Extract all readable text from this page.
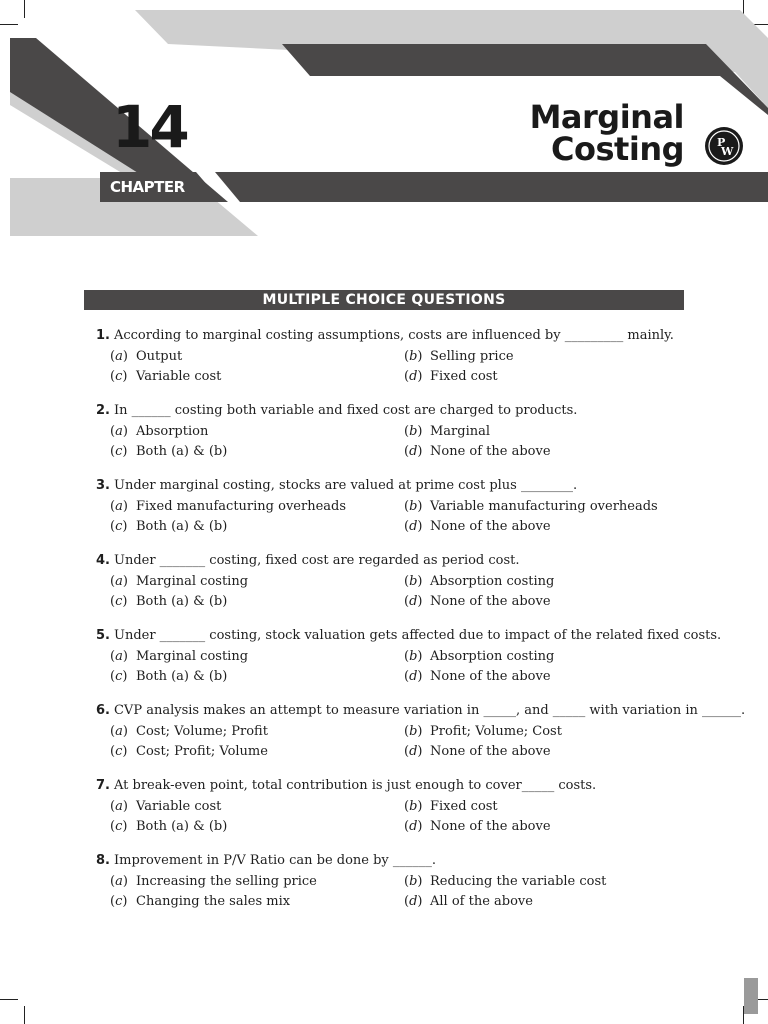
14
CHAPTER
Marginal Costing	P
W
MULTIPLE CHOICE QUESTIONS
1. According to marginal costing assumptions, costs are influenced by _________ mainly.
(a) Output	(b) Selling price
(c) Variable cost	(d) Fixed cost
2. In ______ costing both variable and fixed cost are charged to products.
(a) Absorption	(b) Marginal
(c) Both (a) & (b)	(d) None of the above
3. Under marginal costing, stocks are valued at prime cost plus ________.
(a) Fixed manufacturing overheads	(b) Variable manufacturing overheads
(c) Both (a) & (b)	(d) None of the above
4. Under _______ costing, fixed cost are regarded as period cost.
(a) Marginal costing	(b) Absorption costing
(c) Both (a) & (b)	(d) None of the above
5. Under _______ costing, stock valuation gets affected due to impact of the related fixed costs.
(a) Marginal costing	(b) Absorption costing
(c) Both (a) & (b)	(d) None of the above
6. CVP analysis makes an attempt to measure variation in _____, and _____ with variation in ______.
(a) Cost; Volume; Profit	(b) Profit; Volume; Cost
(c) Cost; Profit; Volume	(d) None of the above
7. At break-even point, total contribution is just enough to cover_____ costs.
(a) Variable cost	(b) Fixed cost
(c) Both (a) & (b)	(d) None of the above
8. Improvement in P/V Ratio can be done by ______.
(a) Increasing the selling price	(b) Reducing the variable cost
(c) Changing the sales mix	(d) All of the above
